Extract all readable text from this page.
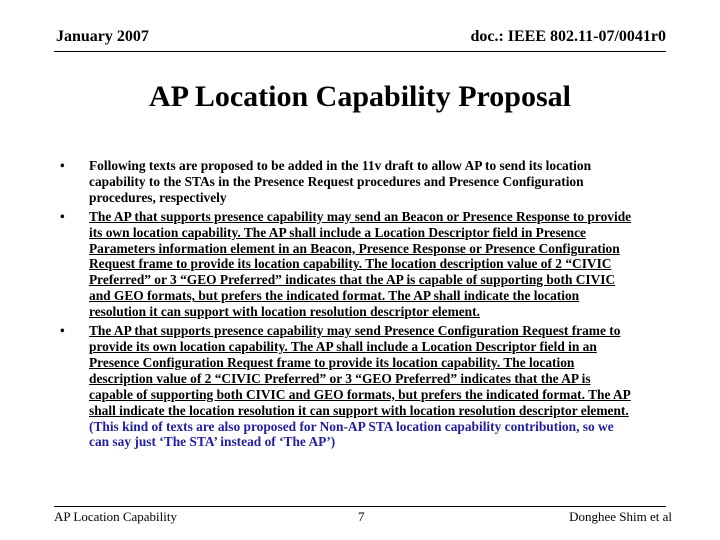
January 2007	doc.: IEEE 802.11-07/0041r0
AP Location Capability Proposal
• Following texts are proposed to be added in the 11v draft to allow AP to send its location capability to the STAs in the Presence Request procedures and Presence Configuration procedures, respectively
• The AP that supports presence capability may send an Beacon or Presence Response to provide its own location capability. The AP shall include a Location Descriptor field in Presence Parameters information element in an Beacon, Presence Response or Presence Configuration Request frame to provide its location capability. The location description value of 2 “CIVIC Preferred” or 3 “GEO Preferred” indicates that the AP is capable of supporting both CIVIC and GEO formats, but prefers the indicated format. The AP shall indicate the location resolution it can support with location resolution descriptor element.
• The AP that supports presence capability may send Presence Configuration Request frame to provide its own location capability. The AP shall include a Location Descriptor field in an Presence Configuration Request frame to provide its location capability. The location description value of 2 “CIVIC Preferred” or 3 “GEO Preferred” indicates that the AP is capable of supporting both CIVIC and GEO formats, but prefers the indicated format. The AP shall indicate the location resolution it can support with location resolution descriptor element. (This kind of texts are also proposed for Non-AP STA location capability contribution, so we can say just ‘The STA’ instead of ‘The AP’)
AP Location Capability	7	Donghee Shim et al
